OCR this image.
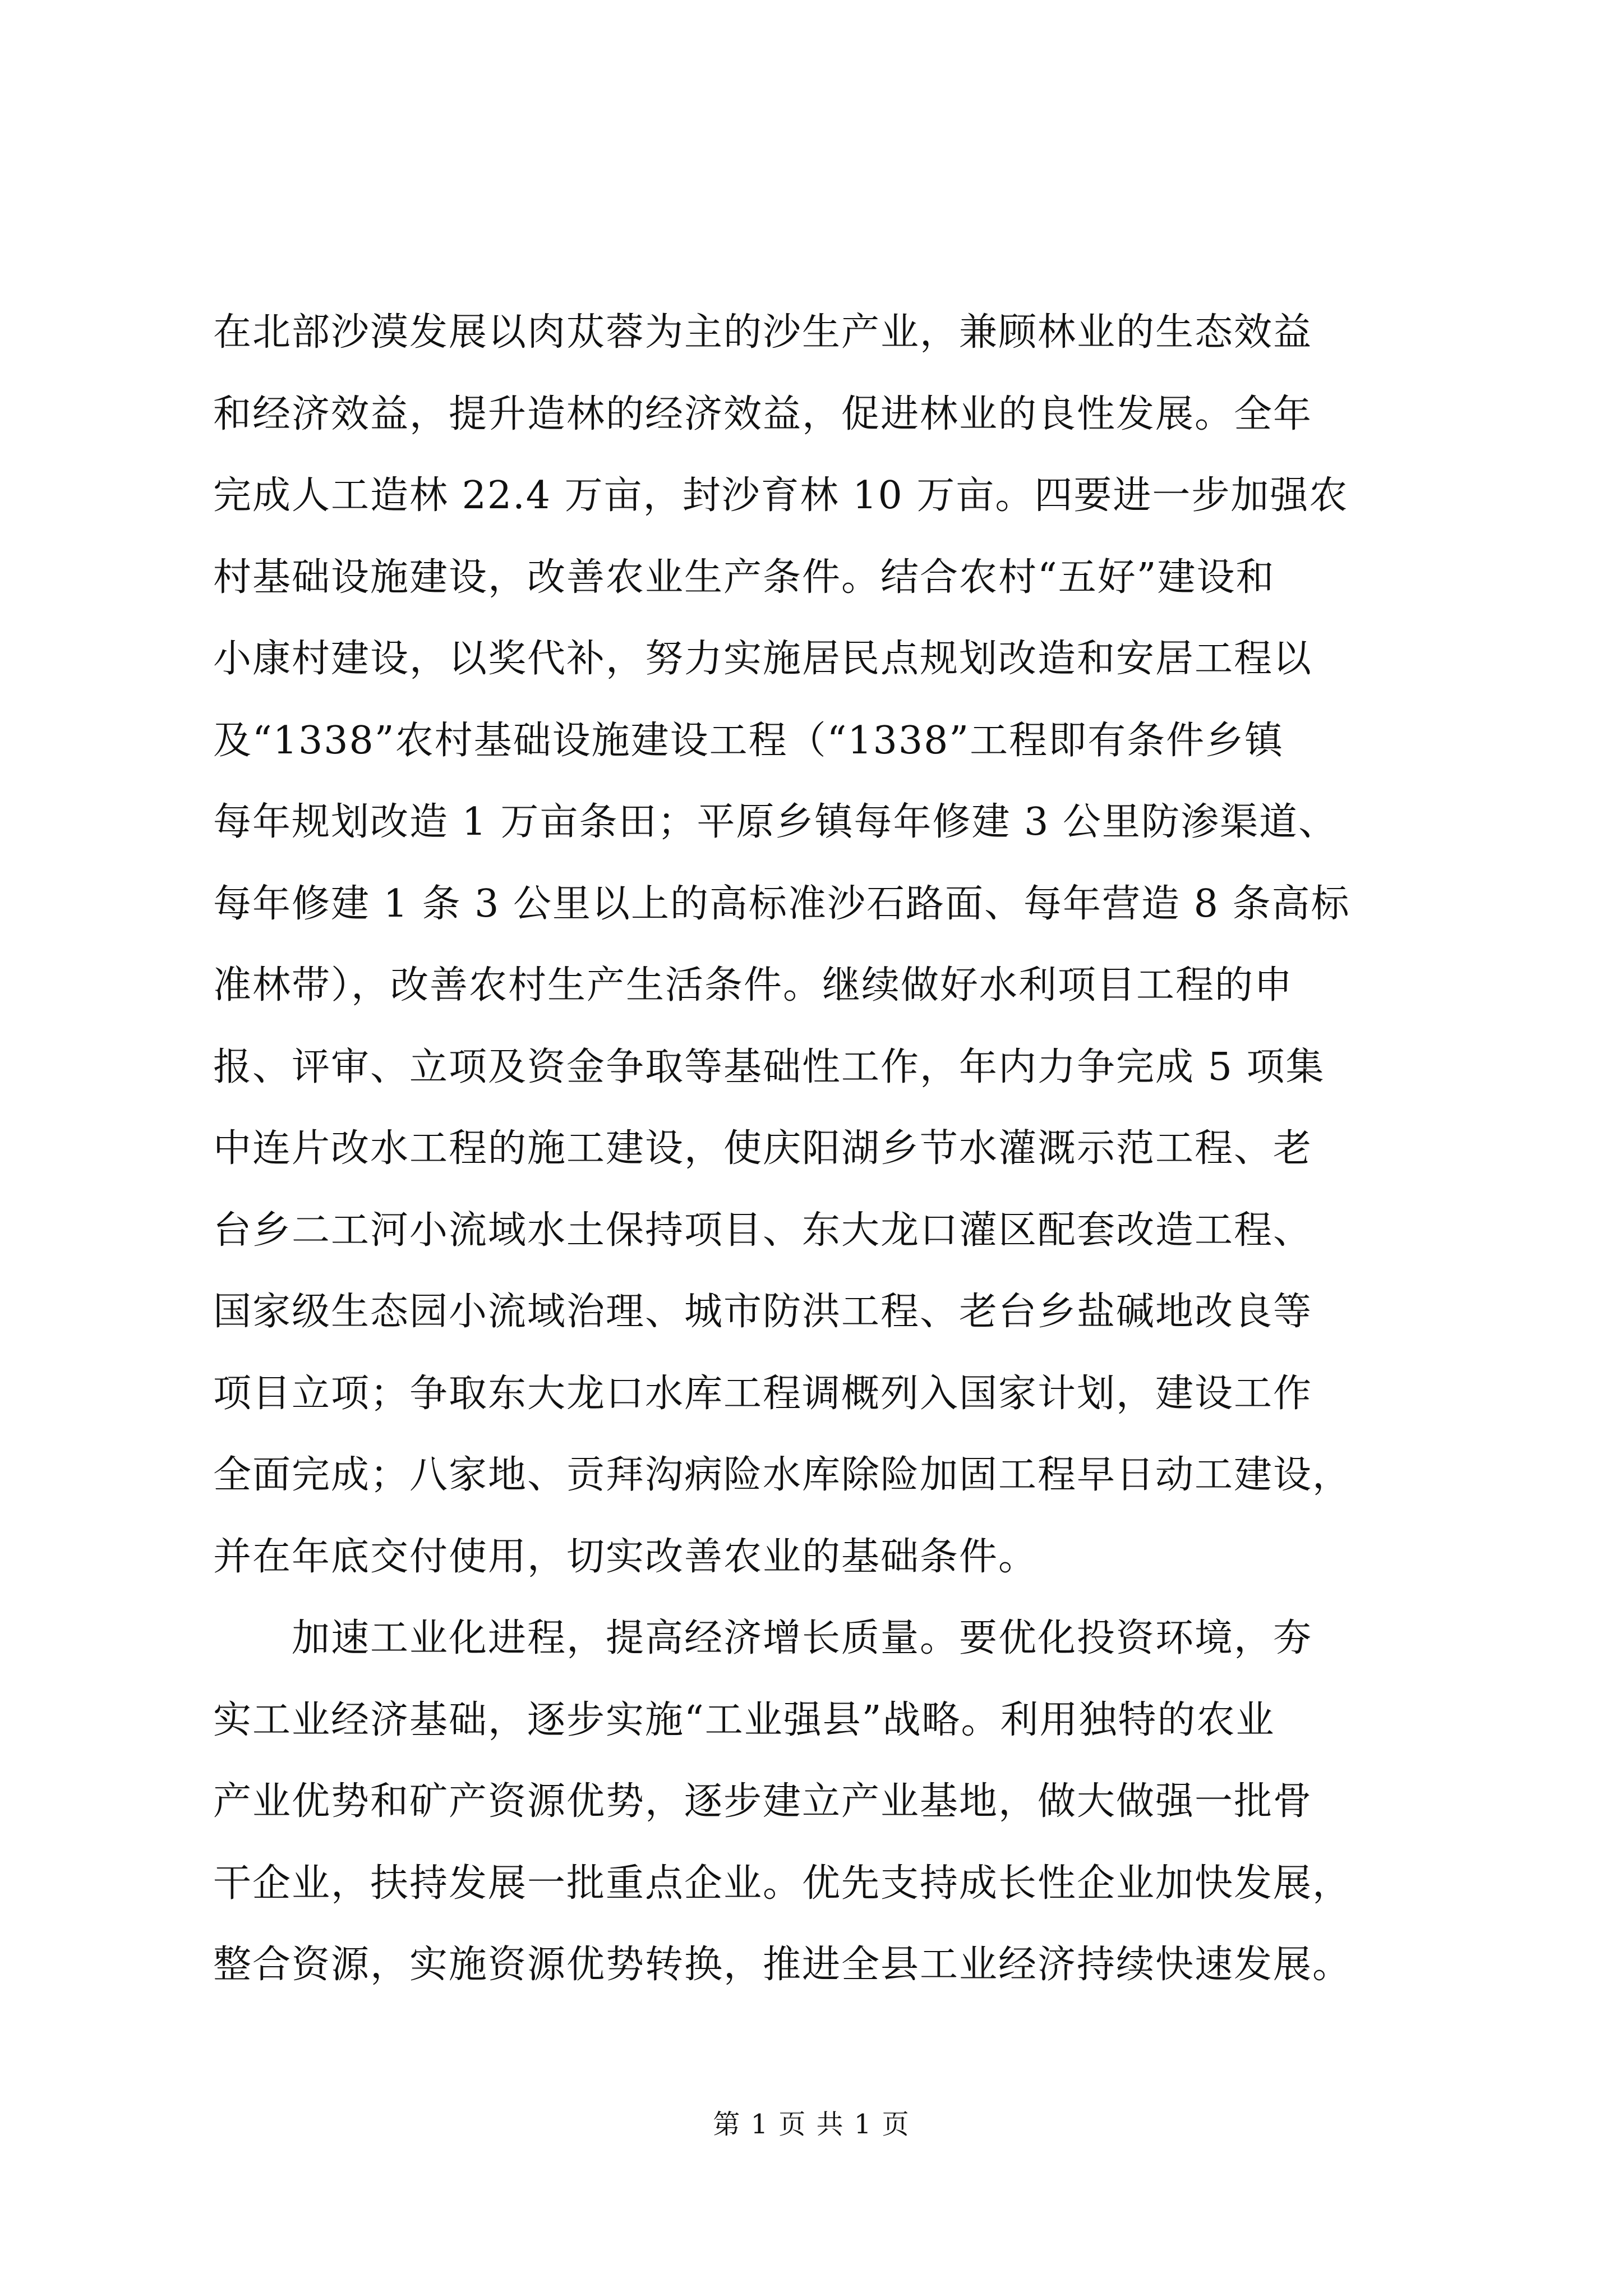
在北部沙漠发展以肉苁蓉为主的沙生产业，兼顾林业的生态效益
和经济效益，提升造林的经济效益，促进林业的良性发展。全年
完成人工造林 22.4 万亩，封沙育林 10 万亩。四要进一步加强农
村基础设施建设，改善农业生产条件。结合农村“五好”建设和
小康村建设，以奖代补，努力实施居民点规划改造和安居工程以
及“1338”农村基础设施建设工程（“1338”工程即有条件乡镇
每年规划改造 1 万亩条田；平原乡镇每年修建 3 公里防渗渠道、
每年修建 1 条 3 公里以上的高标准沙石路面、每年营造 8 条高标
准林带），改善农村生产生活条件。继续做好水利项目工程的申
报、评审、立项及资金争取等基础性工作，年内力争完成 5 项集
中连片改水工程的施工建设，使庆阳湖乡节水灌溉示范工程、老
台乡二工河小流域水土保持项目、东大龙口灌区配套改造工程、
国家级生态园小流域治理、城市防洪工程、老台乡盐碱地改良等
项目立项；争取东大龙口水库工程调概列入国家计划，建设工作
全面完成；八家地、贡拜沟病险水库除险加固工程早日动工建设，
并在年底交付使用，切实改善农业的基础条件。
　　加速工业化进程，提高经济增长质量。要优化投资环境，夯
实工业经济基础，逐步实施“工业强县”战略。利用独特的农业
产业优势和矿产资源优势，逐步建立产业基地，做大做强一批骨
干企业，扶持发展一批重点企业。优先支持成长性企业加快发展，
整合资源，实施资源优势转换，推进全县工业经济持续快速发展。
第 1 页 共 1 页
